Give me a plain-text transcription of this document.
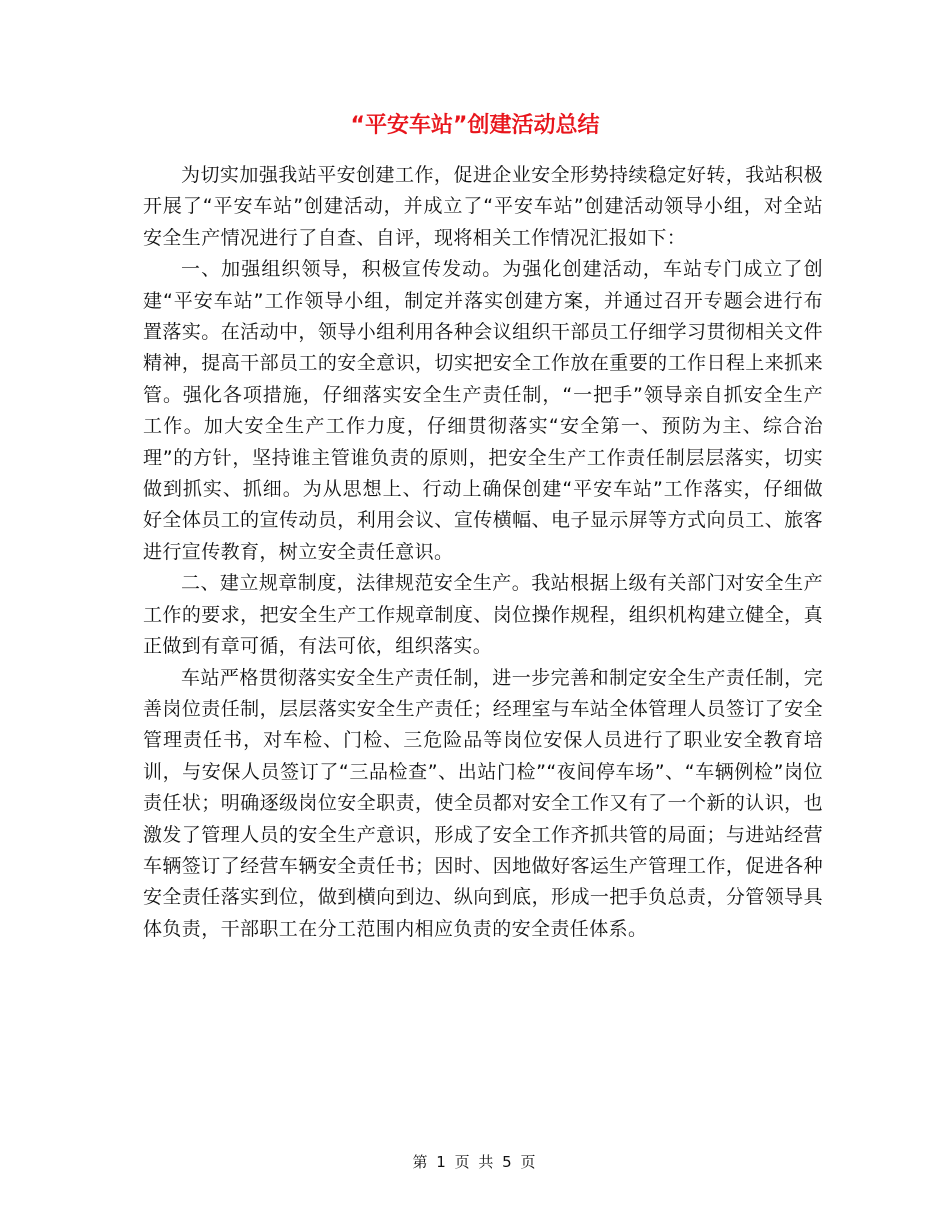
“平安车站”创建活动总结

为切实加强我站平安创建工作，促进企业安全形势持续稳定好转，我站积极开展了“平安车站”创建活动，并成立了“平安车站”创建活动领导小组，对全站安全生产情况进行了自查、自评，现将相关工作情况汇报如下：

一、加强组织领导，积极宣传发动。为强化创建活动，车站专门成立了创建“平安车站”工作领导小组，制定并落实创建方案，并通过召开专题会进行布置落实。在活动中，领导小组利用各种会议组织干部员工仔细学习贯彻相关文件精神，提高干部员工的安全意识，切实把安全工作放在重要的工作日程上来抓来管。强化各项措施，仔细落实安全生产责任制，“一把手”领导亲自抓安全生产工作。加大安全生产工作力度，仔细贯彻落实“安全第一、预防为主、综合治理”的方针，坚持谁主管谁负责的原则，把安全生产工作责任制层层落实，切实做到抓实、抓细。为从思想上、行动上确保创建“平安车站”工作落实，仔细做好全体员工的宣传动员，利用会议、宣传横幅、电子显示屏等方式向员工、旅客进行宣传教育，树立安全责任意识。

二、建立规章制度，法律规范安全生产。我站根据上级有关部门对安全生产工作的要求，把安全生产工作规章制度、岗位操作规程，组织机构建立健全，真正做到有章可循，有法可依，组织落实。

车站严格贯彻落实安全生产责任制，进一步完善和制定安全生产责任制，完善岗位责任制，层层落实安全生产责任；经理室与车站全体管理人员签订了安全管理责任书，对车检、门检、三危险品等岗位安保人员进行了职业安全教育培训，与安保人员签订了“三品检查”、出站门检”“夜间停车场”、“车辆例检”岗位责任状；明确逐级岗位安全职责，使全员都对安全工作又有了一个新的认识，也激发了管理人员的安全生产意识，形成了安全工作齐抓共管的局面；与进站经营车辆签订了经营车辆安全责任书；因时、因地做好客运生产管理工作，促进各种安全责任落实到位，做到横向到边、纵向到底，形成一把手负总责，分管领导具体负责，干部职工在分工范围内相应负责的安全责任体系。

第 1 页 共 5 页
